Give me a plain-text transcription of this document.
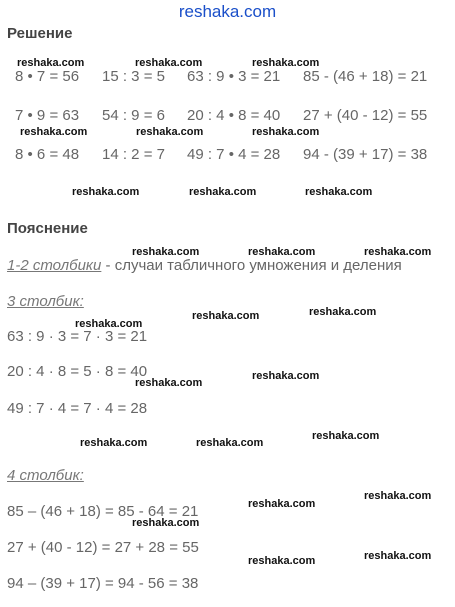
reshaka.com
Решение
8 • 7 = 56 15 : 3 = 5 63 : 9 • 3 = 21 85 - (46 + 18) = 21
7 • 9 = 63 54 : 9 = 6 20 : 4 • 8 = 40 27 + (40 - 12) = 55
8 • 6 = 48 14 : 2 = 7 49 : 7 • 4 = 28 94 - (39 + 17) = 38
Пояснение
1-2 столбики - случаи табличного умножения и деления
3 столбик:
63 : 9 · 3 = 7 · 3 = 21
20 : 4 · 8 = 5 · 8 = 40
49 : 7 · 4 = 7 · 4 = 28
4 столбик:
85 – (46 + 18) = 85 - 64 = 21
27 + (40 - 12) = 27 + 28 = 55
94 – (39 + 17) = 94 - 56 = 38
reshaka.com	reshaka.com	reshaka.com
reshaka.com	reshaka.com	reshaka.com
reshaka.com	reshaka.com	reshaka.com
reshaka.com	reshaka.com	reshaka.com
reshaka.com
reshaka.com	reshaka.com
reshaka.com
reshaka.com
reshaka.com	reshaka.com
reshaka.com
reshaka.com
reshaka.com
reshaka.com
reshaka.com	reshaka.com
